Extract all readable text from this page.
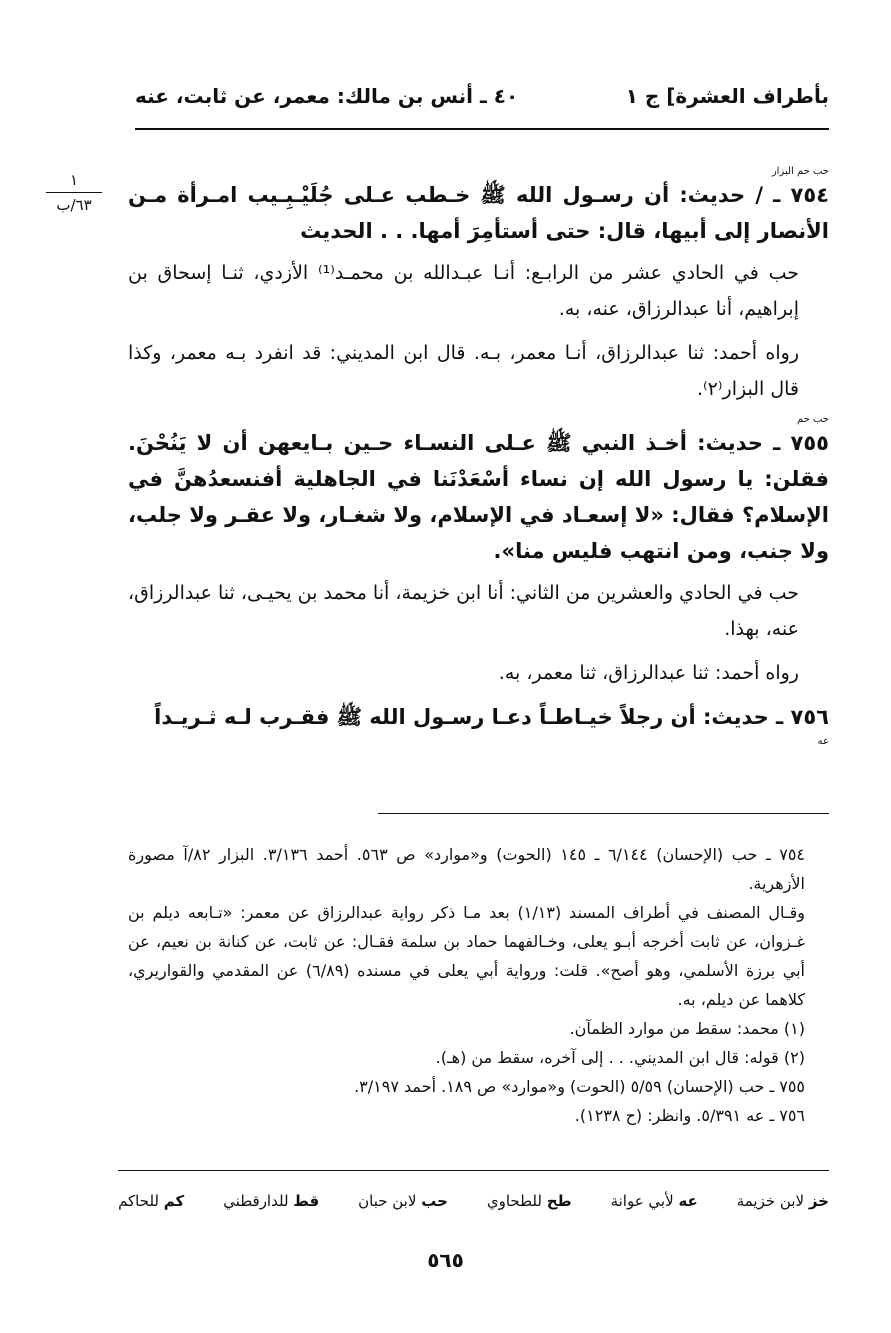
بأطراف العشرة] ج ١
٤٠ ـ أنس بن مالك: معمر، عن ثابت، عنه
١
٦٣/ب
حب حم البزار
٧٥٤ ـ / حديث: أن رسـول الله ﷺ خـطب عـلى جُلَيْـبِـيب امـرأة مـن الأنصار إلى أبيها، قال: حتى أستأمِرَ أمها. . . الحديث

حب في الحادي عشر من الرابـع: أنـا عبـدالله بن محمـد⁽¹⁾ الأزدي، ثنـا إسحاق بن إبراهيم، أنا عبدالرزاق، عنه، به.

رواه أحمد: ثنا عبدالرزاق، أنـا معمر، بـه. قال ابن المديني: قد انفرد بـه معمر، وكذا قال البزار⁽٢⁾.

حب حم
٧٥٥ ـ حديث: أخـذ النبي ﷺ عـلى النسـاء حـين بـايعهن أن لا يَنُحْنَ. فقلن: يا رسول الله إن نساء أسْعَدْنَنا في الجاهلية أفنسعدُهنَّ في الإسلام؟ فقال: «لا إسعـاد في الإسلام، ولا شغـار، ولا عقـر ولا جلب، ولا جنب، ومن انتهب فليس منا».

حب في الحادي والعشرين من الثاني: أنا ابن خزيمة، أنا محمد بن يحيـى، ثنا عبدالرزاق، عنه، بهذا.

رواه أحمد: ثنا عبدالرزاق، ثنا معمر، به.

٧٥٦ ـ حديث: أن رجلاً خيـاطـاً دعـا رسـول الله ﷺ فقـرب لـه ثـريـداً
عه

٧٥٤ ـ حب (الإحسان) ٦/١٤٤ ـ ١٤٥ (الحوت) و«موارد» ص ٥٦٣. أحمد ٣/١٣٦. البزار ٨٢/آ مصورة الأزهرية.

وقـال المصنف في أطراف المسند (١/١٣) بعد مـا ذكر رواية عبدالرزاق عن معمر: «تـابعه ديلم بن غـزوان، عن ثابت أخرجه أبـو يعلى، وخـالفهما حماد بن سلمة فقـال: عن ثابت، عن كنانة بن نعيم، عن أبي برزة الأسلمي، وهو أصح». قلت: ورواية أبي يعلى في مسنده (٦/٨٩) عن المقدمي والقواريري، كلاهما عن ديلم، به.

(١) محمد: سقط من موارد الظمآن.

(٢) قوله: قال ابن المديني. . . إلى آخره، سقط من (هـ).

٧٥٥ ـ حب (الإحسان) ٥/٥٩ (الحوت) و«موارد» ص ١٨٩. أحمد ٣/١٩٧.

٧٥٦ ـ عه ٥/٣٩١. وانظر: (ح ١٢٣٨).

خز لابن خزيمة
عه لأبي عوانة
طح للطحاوي
حب لابن حبان
قط للدارقطني
كم للحاكم
٥٦٥
